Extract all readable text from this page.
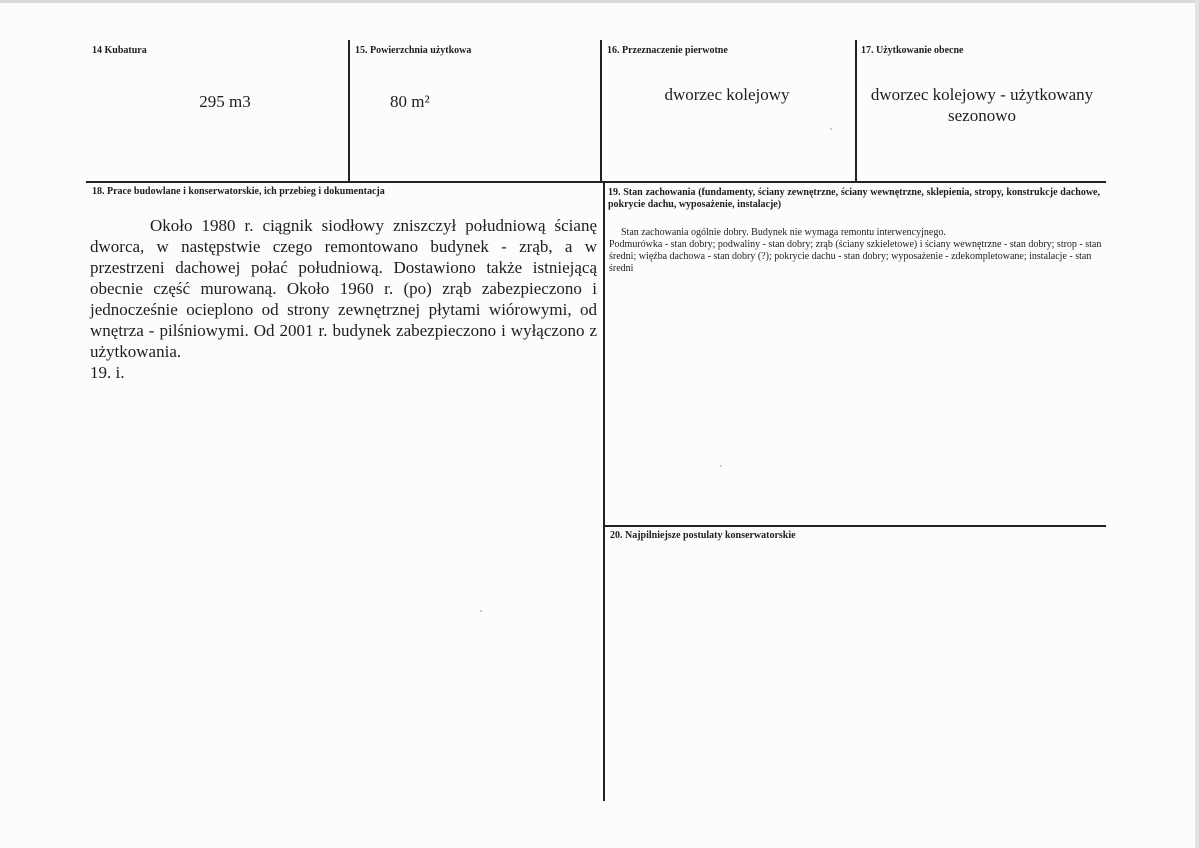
14 Kubatura
295 m3
15. Powierzchnia użytkowa
80 m²
16. Przeznaczenie pierwotne
dworzec kolejowy
17. Użytkowanie obecne
dworzec kolejowy - użytkowany sezonowo
18. Prace budowlane i konserwatorskie, ich przebieg i dokumentacja

Około 1980 r. ciągnik siodłowy zniszczył południową ścianę dworca, w następstwie czego remontowano budynek - zrąb, a w przestrzeni dachowej połać południową. Dostawiono także istniejącą obecnie część murowaną. Około 1960 r. (po) zrąb zabezpieczono i jednocześnie ocieplono od strony zewnętrznej płytami wiórowymi, od wnętrza - pilśniowymi. Od 2001 r. budynek zabezpieczono i wyłączono z użytkowania.

19. i.

19. Stan zachowania (fundamenty, ściany zewnętrzne, ściany wewnętrzne, sklepienia, stropy, konstrukcje dachowe, pokrycie dachu, wyposażenie, instalacje)
Stan zachowania ogólnie dobry. Budynek nie wymaga remontu interwencyjnego.
Podmurówka - stan dobry; podwaliny - stan dobry; zrąb (ściany szkieletowe) i ściany wewnętrzne - stan dobry; strop - stan średni; więźba dachowa - stan dobry (?); pokrycie dachu - stan dobry; wyposażenie - zdekompletowane; instalacje - stan średni
20. Najpilniejsze postulaty konserwatorskie
